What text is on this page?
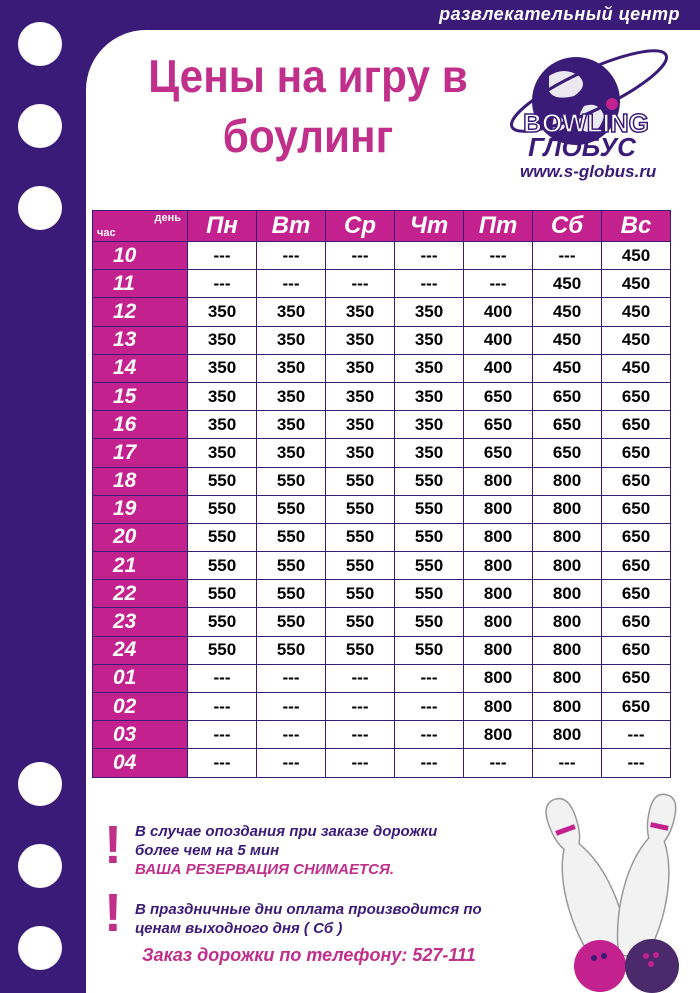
развлекательный центр
Цены на игру в
боулинг	BOWLING
ГЛОБУС
www.s-globus.ru
день
час	Пн	Вт	Ср	Чт	Пт	Сб	Вс
10	---	---	---	---	---	---	450
11	---	---	---	---	---	450	450
12	350	350	350	350	400	450	450
13	350	350	350	350	400	450	450
14	350	350	350	350	400	450	450
15	350	350	350	350	650	650	650
16	350	350	350	350	650	650	650
17	350	350	350	350	650	650	650
18	550	550	550	550	800	800	650
19	550	550	550	550	800	800	650
20	550	550	550	550	800	800	650
21	550	550	550	550	800	800	650
22	550	550	550	550	800	800	650
23	550	550	550	550	800	800	650
24	550	550	550	550	800	800	650
01	---	---	---	---	800	800	650
02	---	---	---	---	800	800	650
03	---	---	---	---	800	800	---
04	---	---	---	---	---	---	---
! В случае опоздания при заказе дорожки
более чем на 5 мин
ВАША РЕЗЕРВАЦИЯ СНИМАЕТСЯ.
! В праздничные дни оплата производится по
ценам выходного дня ( Сб )
Заказ дорожки по телефону: 527-111
